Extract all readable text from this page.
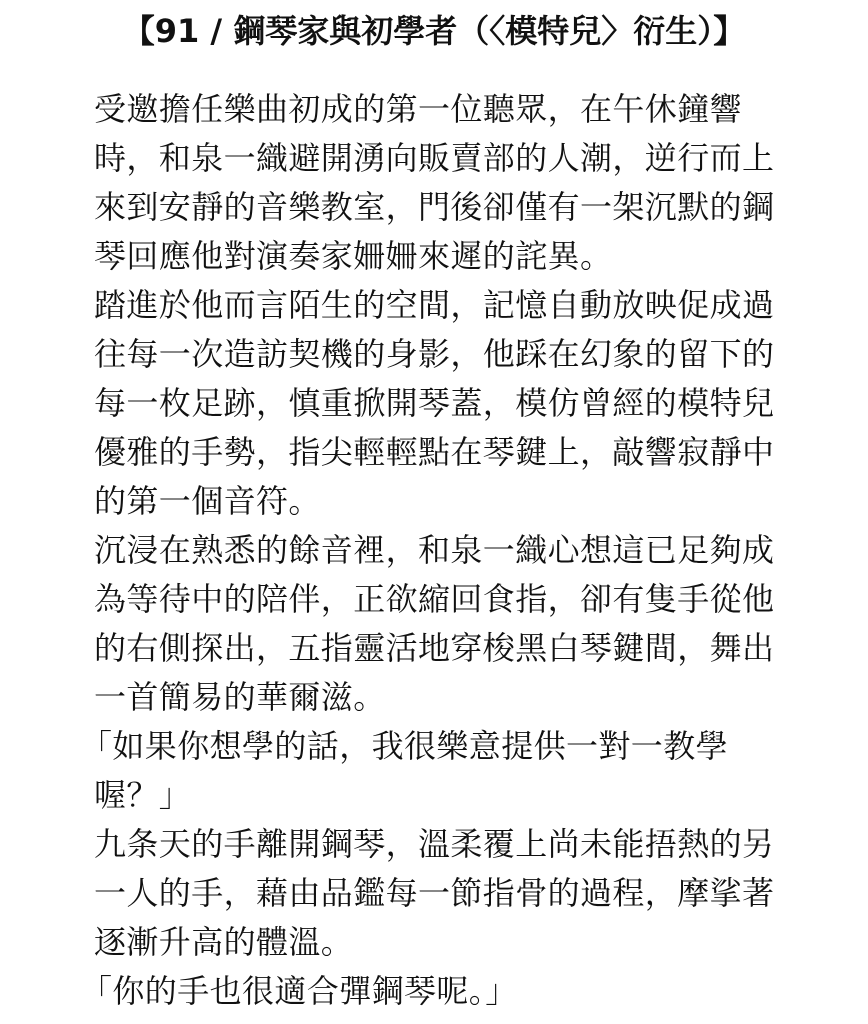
【91 / 鋼琴家與初學者（〈模特兒〉衍生）】
受邀擔任樂曲初成的第一位聽眾，在午休鐘響
時，和泉一織避開湧向販賣部的人潮，逆行而上
來到安靜的音樂教室，門後卻僅有一架沉默的鋼
琴回應他對演奏家姍姍來遲的詫異。
踏進於他而言陌生的空間，記憶自動放映促成過
往每一次造訪契機的身影，他踩在幻象的留下的
每一枚足跡，慎重掀開琴蓋，模仿曾經的模特兒
優雅的手勢，指尖輕輕點在琴鍵上，敲響寂靜中
的第一個音符。
沉浸在熟悉的餘音裡，和泉一織心想這已足夠成
為等待中的陪伴，正欲縮回食指，卻有隻手從他
的右側探出，五指靈活地穿梭黑白琴鍵間，舞出
一首簡易的華爾滋。
「如果你想學的話，我很樂意提供一對一教學
喔？」
九条天的手離開鋼琴，溫柔覆上尚未能捂熱的另
一人的手，藉由品鑑每一節指骨的過程，摩挲著
逐漸升高的體溫。
「你的手也很適合彈鋼琴呢。」
